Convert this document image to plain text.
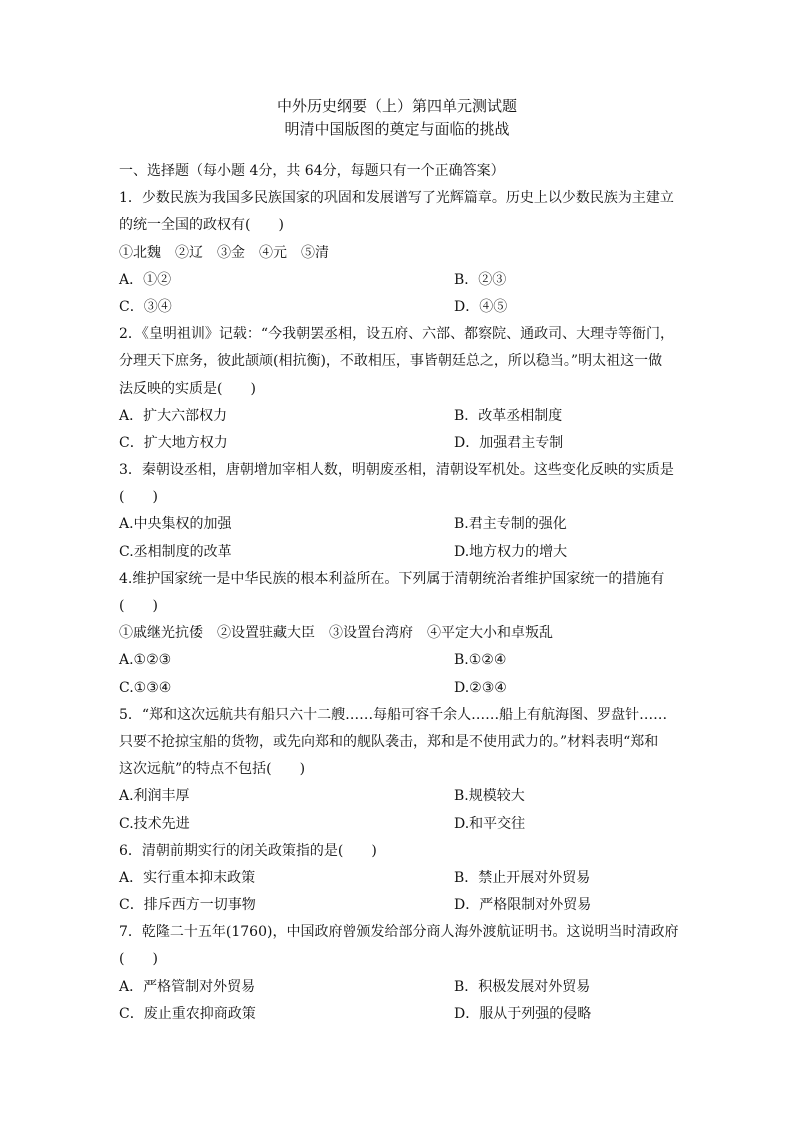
中外历史纲要（上）第四单元测试题
明清中国版图的奠定与面临的挑战
一、选择题（每小题 4分，共 64分，每题只有一个正确答案）
1．少数民族为我国多民族国家的巩固和发展谱写了光辉篇章。历史上以少数民族为主建立
的统一全国的政权有(　　)
①北魏　②辽　③金　④元　⑤清
A．①②	B．②③
C．③④	D．④⑤
2．《皇明祖训》记载：“今我朝罢丞相，设五府、六部、都察院、通政司、大理寺等衙门，
分理天下庶务，彼此颉颃(相抗衡)，不敢相压，事皆朝廷总之，所以稳当。”明太祖这一做
法反映的实质是(　　)
A．扩大六部权力	B．改革丞相制度
C．扩大地方权力	D．加强君主专制
3．秦朝设丞相，唐朝增加宰相人数，明朝废丞相，清朝设军机处。这些变化反映的实质是
(　　)
A.中央集权的加强	B.君主专制的强化
C.丞相制度的改革	D.地方权力的增大
4.维护国家统一是中华民族的根本利益所在。下列属于清朝统治者维护国家统一的措施有
(　　)
①戚继光抗倭　②设置驻藏大臣　③设置台湾府　④平定大小和卓叛乱
A.①②③	B.①②④
C.①③④	D.②③④
5．“郑和这次远航共有船只六十二艘……每船可容千余人……船上有航海图、罗盘针……
只要不抢掠宝船的货物，或先向郑和的舰队袭击，郑和是不使用武力的。”材料表明“郑和
这次远航”的特点不包括(　　)
A.利润丰厚	B.规模较大
C.技术先进	D.和平交往
6．清朝前期实行的闭关政策指的是(　　)
A．实行重本抑末政策	B．禁止开展对外贸易
C．排斥西方一切事物	D．严格限制对外贸易
7．乾隆二十五年(1760)，中国政府曾颁发给部分商人海外渡航证明书。这说明当时清政府
(　　)
A．严格管制对外贸易	B．积极发展对外贸易
C．废止重农抑商政策	D．服从于列强的侵略
